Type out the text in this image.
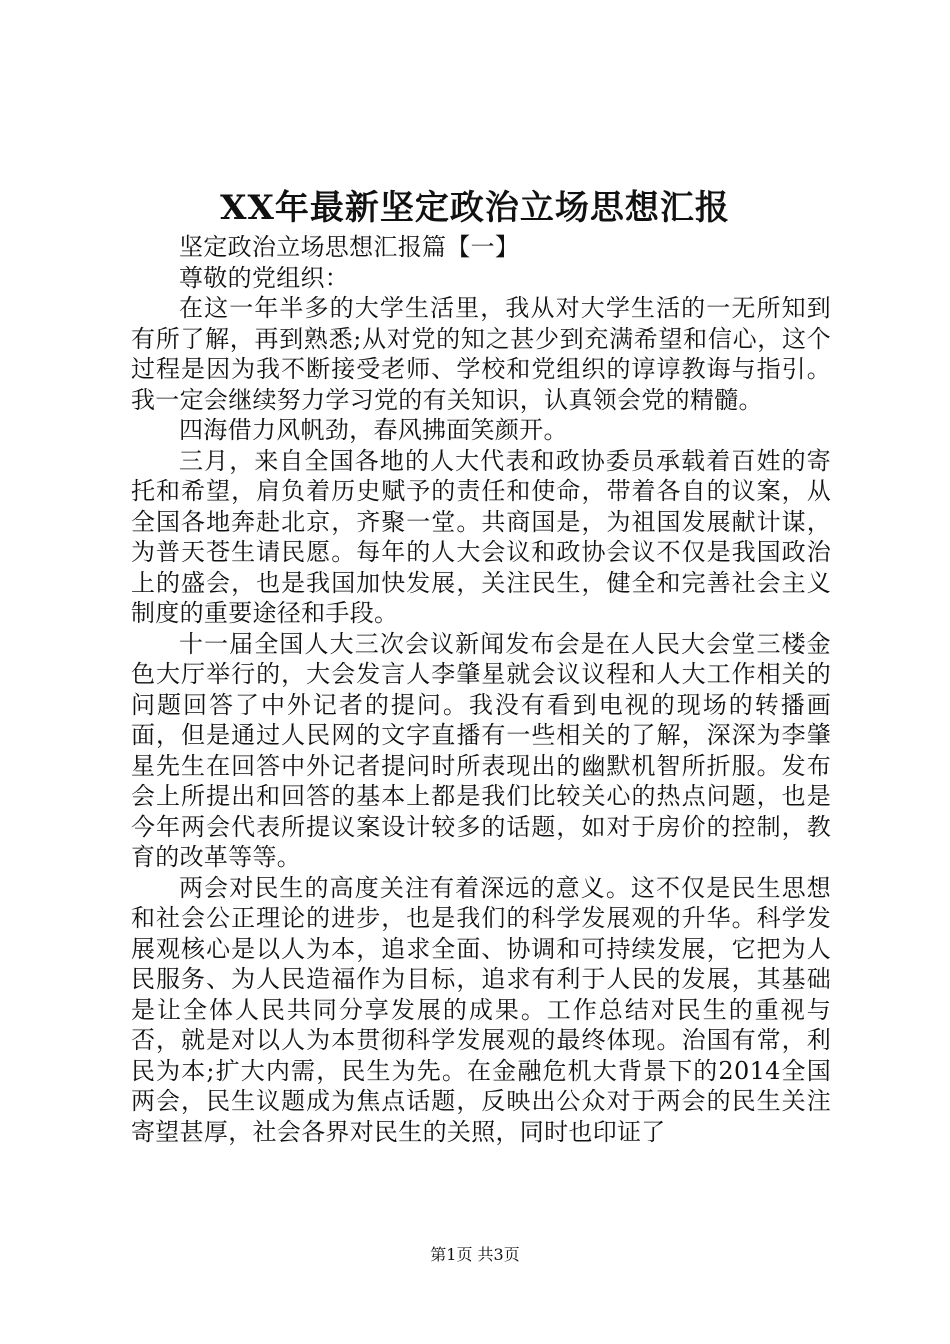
XX年最新坚定政治立场思想汇报

坚定政治立场思想汇报篇【一】

尊敬的党组织：

在这一年半多的大学生活里，我从对大学生活的一无所知到有所了解，再到熟悉;从对党的知之甚少到充满希望和信心，这个过程是因为我不断接受老师、学校和党组织的谆谆教诲与指引。我一定会继续努力学习党的有关知识，认真领会党的精髓。

四海借力风帆劲，春风拂面笑颜开。

三月，来自全国各地的人大代表和政协委员承载着百姓的寄托和希望，肩负着历史赋予的责任和使命，带着各自的议案，从全国各地奔赴北京，齐聚一堂。共商国是，为祖国发展献计谋，为普天苍生请民愿。每年的人大会议和政协会议不仅是我国政治上的盛会，也是我国加快发展，关注民生，健全和完善社会主义制度的重要途径和手段。

十一届全国人大三次会议新闻发布会是在人民大会堂三楼金色大厅举行的，大会发言人李肇星就会议议程和人大工作相关的问题回答了中外记者的提问。我没有看到电视的现场的转播画面，但是通过人民网的文字直播有一些相关的了解，深深为李肇星先生在回答中外记者提问时所表现出的幽默机智所折服。发布会上所提出和回答的基本上都是我们比较关心的热点问题，也是今年两会代表所提议案设计较多的话题，如对于房价的控制，教育的改革等等。

两会对民生的高度关注有着深远的意义。这不仅是民生思想和社会公正理论的进步，也是我们的科学发展观的升华。科学发展观核心是以人为本，追求全面、协调和可持续发展，它把为人民服务、为人民造福作为目标，追求有利于人民的发展，其基础是让全体人民共同分享发展的成果。工作总结对民生的重视与否，就是对以人为本贯彻科学发展观的最终体现。治国有常，利民为本;扩大内需，民生为先。在金融危机大背景下的2014全国两会，民生议题成为焦点话题，反映出公众对于两会的民生关注寄望甚厚，社会各界对民生的关照，同时也印证了

第1页 共3页
